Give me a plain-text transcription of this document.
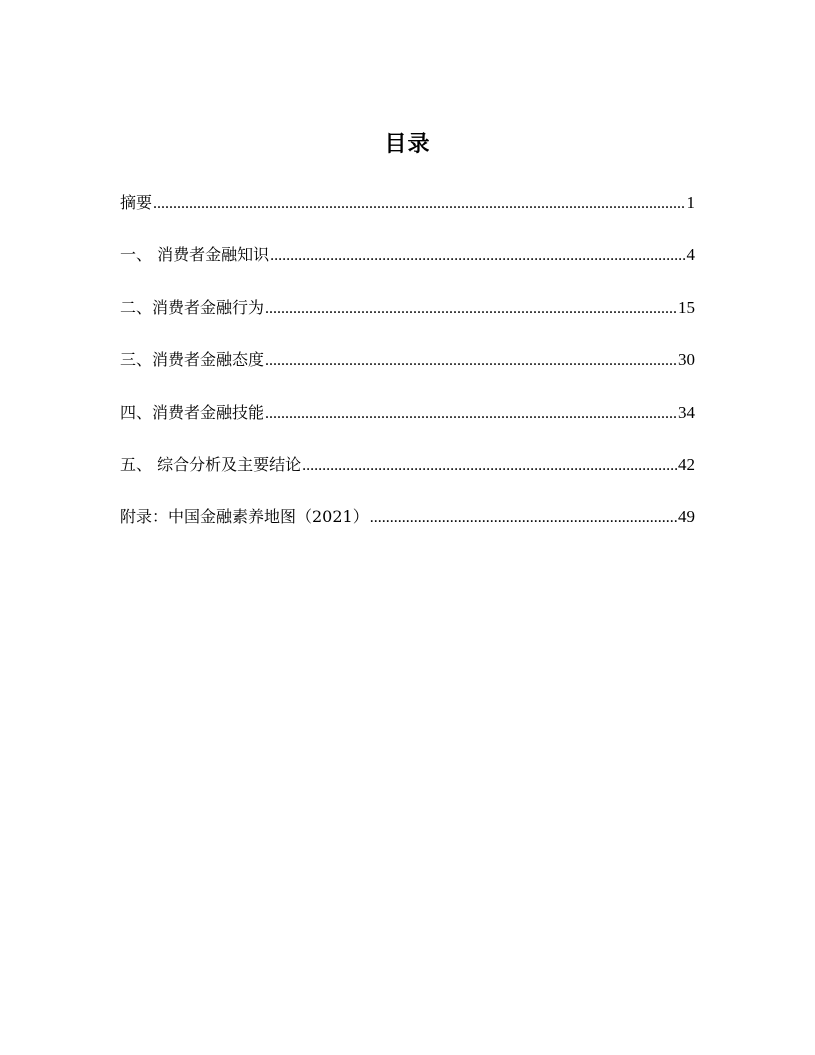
目录
摘要 .....	1
一、 消费者金融知识 .....	4
二、消费者金融行为 .....	15
三、消费者金融态度 .....	30
四、消费者金融技能 .....	34
五、 综合分析及主要结论 .....	42
附录：中国金融素养地图（2021） .....	49
